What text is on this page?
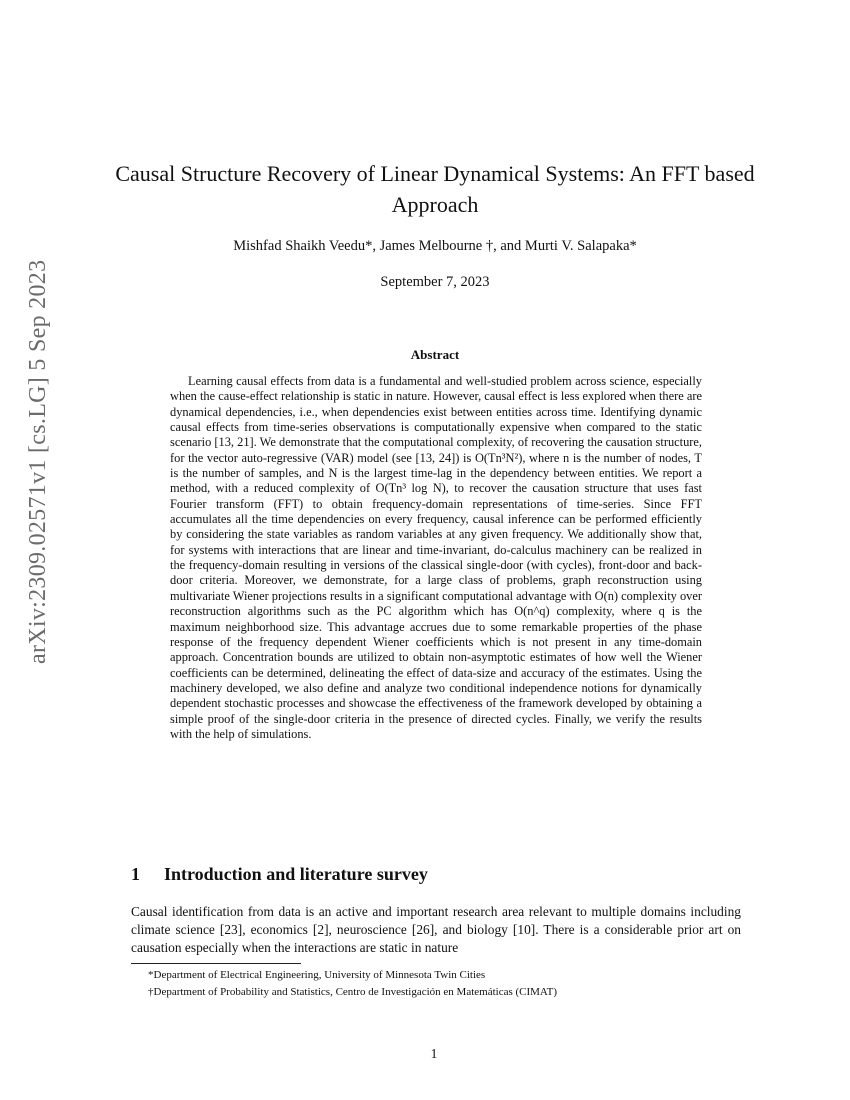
arXiv:2309.02571v1 [cs.LG] 5 Sep 2023
Causal Structure Recovery of Linear Dynamical Systems: An FFT based Approach
Mishfad Shaikh Veedu*, James Melbourne †, and Murti V. Salapaka*
September 7, 2023
Abstract

Learning causal effects from data is a fundamental and well-studied problem across science, especially when the cause-effect relationship is static in nature. However, causal effect is less explored when there are dynamical dependencies, i.e., when dependencies exist between entities across time. Identifying dynamic causal effects from time-series observations is computationally expensive when compared to the static scenario [13, 21]. We demonstrate that the computational complexity, of recovering the causation structure, for the vector auto-regressive (VAR) model (see [13, 24]) is O(Tn³N²), where n is the number of nodes, T is the number of samples, and N is the largest time-lag in the dependency between entities. We report a method, with a reduced complexity of O(Tn³ log N), to recover the causation structure that uses fast Fourier transform (FFT) to obtain frequency-domain representations of time-series. Since FFT accumulates all the time dependencies on every frequency, causal inference can be performed efficiently by considering the state variables as random variables at any given frequency. We additionally show that, for systems with interactions that are linear and time-invariant, do-calculus machinery can be realized in the frequency-domain resulting in versions of the classical single-door (with cycles), front-door and back-door criteria. Moreover, we demonstrate, for a large class of problems, graph reconstruction using multivariate Wiener projections results in a significant computational advantage with O(n) complexity over reconstruction algorithms such as the PC algorithm which has O(n^q) complexity, where q is the maximum neighborhood size. This advantage accrues due to some remarkable properties of the phase response of the frequency dependent Wiener coefficients which is not present in any time-domain approach. Concentration bounds are utilized to obtain non-asymptotic estimates of how well the Wiener coefficients can be determined, delineating the effect of data-size and accuracy of the estimates. Using the machinery developed, we also define and analyze two conditional independence notions for dynamically dependent stochastic processes and showcase the effectiveness of the framework developed by obtaining a simple proof of the single-door criteria in the presence of directed cycles. Finally, we verify the results with the help of simulations.

1 Introduction and literature survey

Causal identification from data is an active and important research area relevant to multiple domains including climate science [23], economics [2], neuroscience [26], and biology [10]. There is a considerable prior art on causation especially when the interactions are static in nature

*Department of Electrical Engineering, University of Minnesota Twin Cities
†Department of Probability and Statistics, Centro de Investigación en Matemáticas (CIMAT)
1
